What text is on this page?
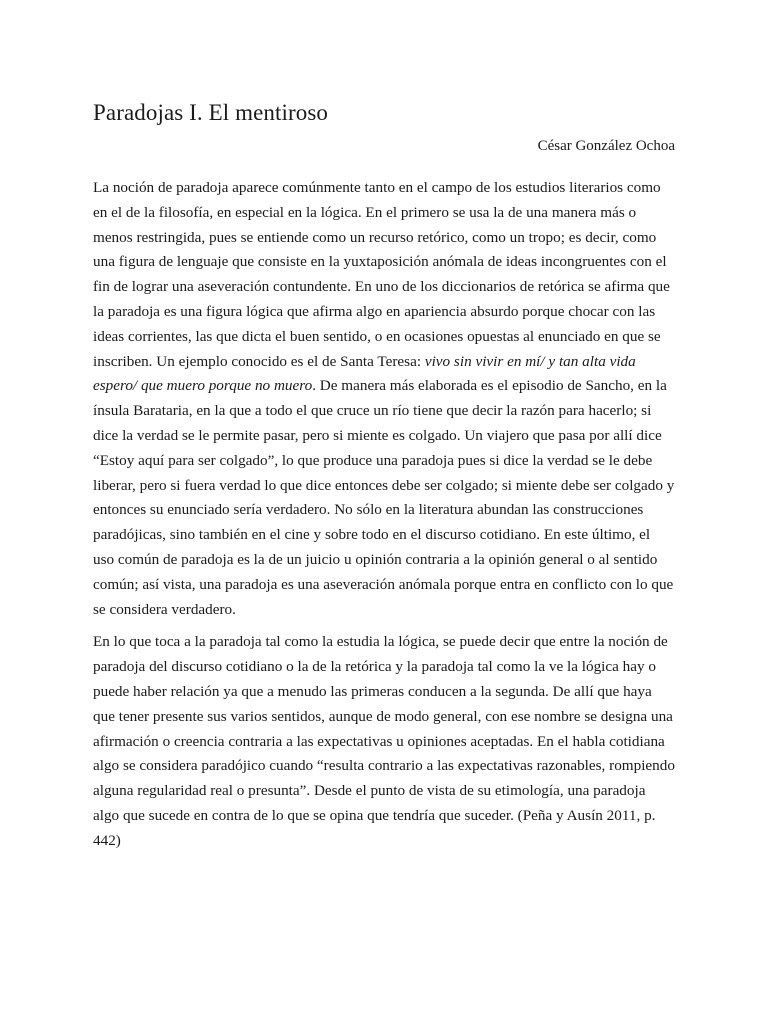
Paradojas I. El mentiroso

César González Ochoa

La noción de paradoja aparece comúnmente tanto en el campo de los estudios literarios como en el de la filosofía, en especial en la lógica. En el primero se usa la de una manera más o menos restringida, pues se entiende como un recurso retórico, como un tropo; es decir, como una figura de lenguaje que consiste en la yuxtaposición anómala de ideas incongruentes con el fin de lograr una aseveración contundente. En uno de los diccionarios de retórica se afirma que la paradoja es una figura lógica que afirma algo en apariencia absurdo porque chocar con las ideas corrientes, las que dicta el buen sentido, o en ocasiones opuestas al enunciado en que se inscriben. Un ejemplo conocido es el de Santa Teresa: vivo sin vivir en mí/ y tan alta vida espero/ que muero porque no muero. De manera más elaborada es el episodio de Sancho, en la ínsula Barataria, en la que a todo el que cruce un río tiene que decir la razón para hacerlo; si dice la verdad se le permite pasar, pero si miente es colgado. Un viajero que pasa por allí dice “Estoy aquí para ser colgado”, lo que produce una paradoja pues si dice la verdad se le debe liberar, pero si fuera verdad lo que dice entonces debe ser colgado; si miente debe ser colgado y entonces su enunciado sería verdadero. No sólo en la literatura abundan las construcciones paradójicas, sino también en el cine y sobre todo en el discurso cotidiano. En este último, el uso común de paradoja es la de un juicio u opinión contraria a la opinión general o al sentido común; así vista, una paradoja es una aseveración anómala porque entra en conflicto con lo que se considera verdadero.

En lo que toca a la paradoja tal como la estudia la lógica, se puede decir que entre la noción de paradoja del discurso cotidiano o la de la retórica y la paradoja tal como la ve la lógica hay o puede haber relación ya que a menudo las primeras conducen a la segunda. De allí que haya que tener presente sus varios sentidos, aunque de modo general, con ese nombre se designa una afirmación o creencia contraria a las expectativas u opiniones aceptadas. En el habla cotidiana algo se considera paradójico cuando “resulta contrario a las expectativas razonables, rompiendo alguna regularidad real o presunta”. Desde el punto de vista de su etimología, una paradoja algo que sucede en contra de lo que se opina que tendría que suceder. (Peña y Ausín 2011, p. 442)
